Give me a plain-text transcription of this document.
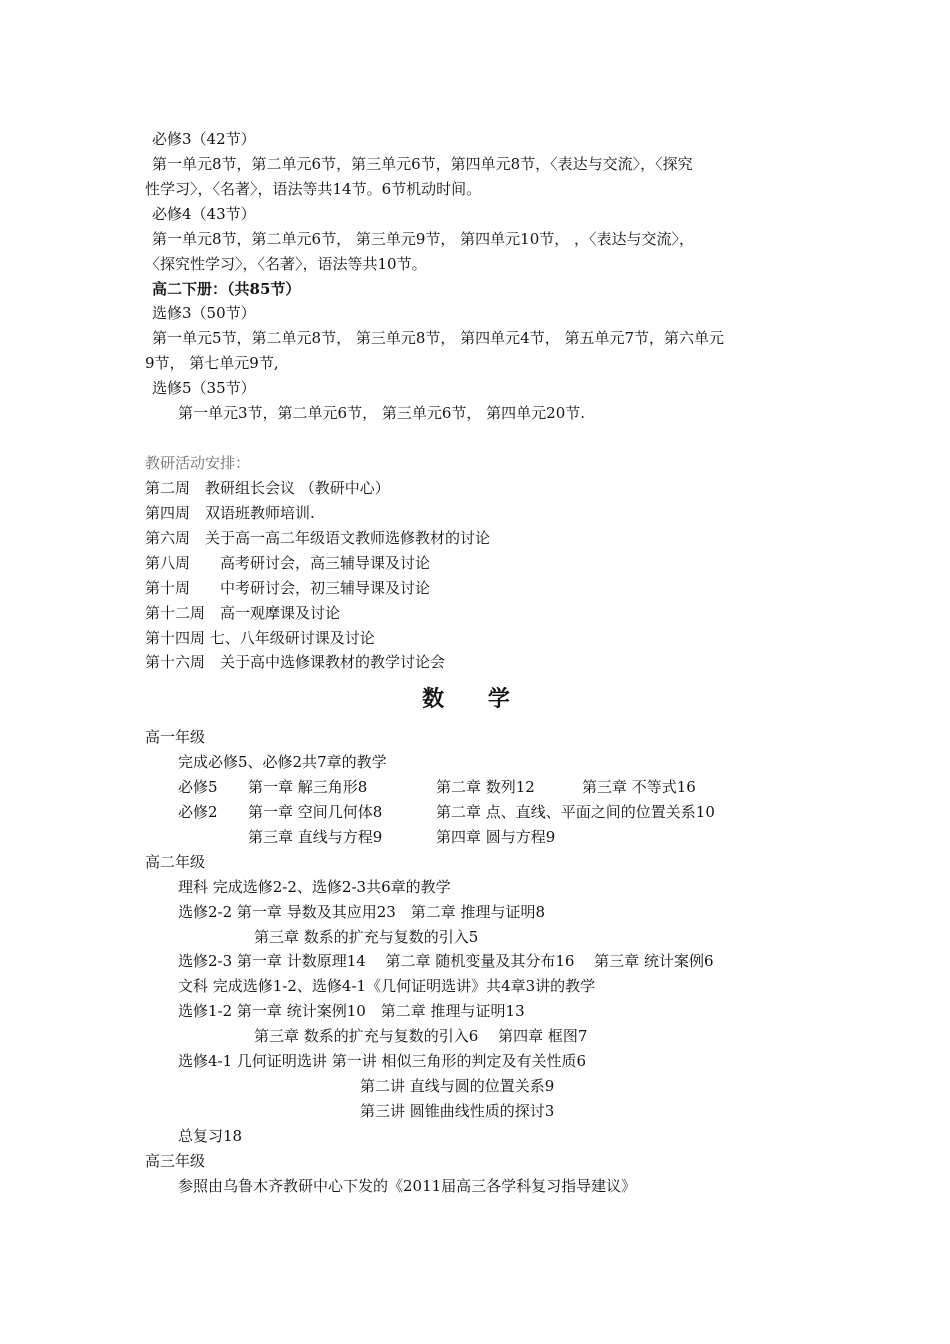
必修3（42节）
第一单元8节，第二单元6节，第三单元6节，第四单元8节，〈表达与交流〉，〈探究
性学习〉，〈名著〉，语法等共14节。6节机动时间。
必修4（43节）
第一单元8节，第二单元6节， 第三单元9节， 第四单元10节， ，〈表达与交流〉，
〈探究性学习〉，〈名著〉，语法等共10节。
高二下册：（共85节）
选修3（50节）
第一单元5节，第二单元8节， 第三单元8节， 第四单元4节， 第五单元7节，第六单元
9节， 第七单元9节,
选修5（35节）
第一单元3节，第二单元6节， 第三单元6节， 第四单元20节.
教研活动安排：
第二周　教研组长会议 （教研中心）
第四周　双语班教师培训.
第六周　关于高一高二年级语文教师选修教材的讨论
第八周　　高考研讨会，高三辅导课及讨论
第十周　　中考研讨会，初三辅导课及讨论
第十二周　高一观摩课及讨论
第十四周 七、八年级研讨课及讨论
第十六周　关于高中选修课教材的教学讨论会
数 学
高一年级
完成必修5、必修2共7章的教学
必修5 第一章 解三角形8	第二章 数列12	第三章 不等式16
必修2 第一章 空间几何体8	第二章 点、直线、平面之间的位置关系10
第三章 直线与方程9	第四章 圆与方程9
高二年级
理科 完成选修2-2、选修2-3共6章的教学
选修2-2 第一章 导数及其应用23　第二章 推理与证明8
第三章 数系的扩充与复数的引入5
选修2-3 第一章 计数原理14　 第二章 随机变量及其分布16　 第三章 统计案例6
文科 完成选修1-2、选修4-1《几何证明选讲》共4章3讲的教学
选修1-2 第一章 统计案例10　第二章 推理与证明13
第三章 数系的扩充与复数的引入6　 第四章 框图7
选修4-1 几何证明选讲 第一讲 相似三角形的判定及有关性质6
第二讲 直线与圆的位置关系9
第三讲 圆锥曲线性质的探讨3
总复习18
高三年级
参照由乌鲁木齐教研中心下发的《2011届高三各学科复习指导建议》
